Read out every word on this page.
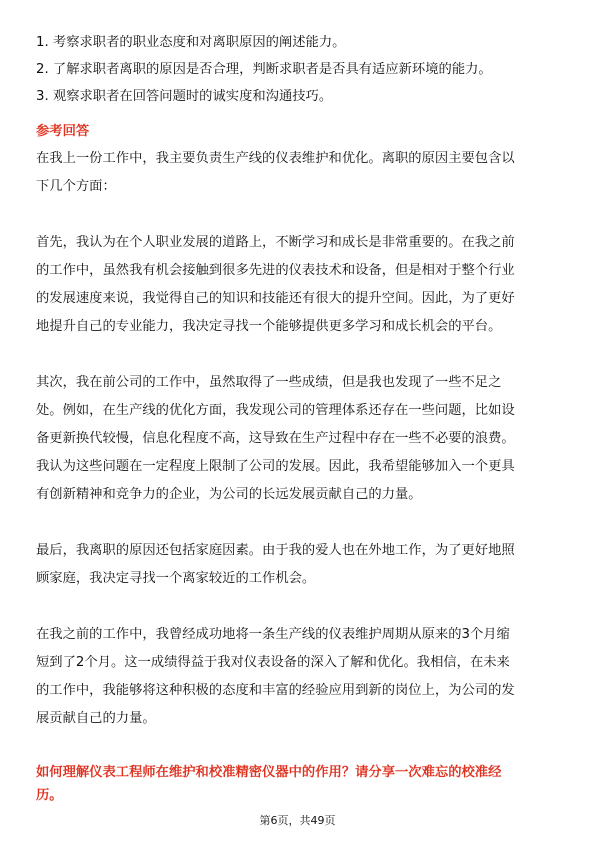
1. 考察求职者的职业态度和对离职原因的阐述能力。
2. 了解求职者离职的原因是否合理，判断求职者是否具有适应新环境的能力。
3. 观察求职者在回答问题时的诚实度和沟通技巧。
参考回答
在我上一份工作中，我主要负责生产线的仪表维护和优化。离职的原因主要包含以
下几个方面：
首先，我认为在个人职业发展的道路上，不断学习和成长是非常重要的。在我之前
的工作中，虽然我有机会接触到很多先进的仪表技术和设备，但是相对于整个行业
的发展速度来说，我觉得自己的知识和技能还有很大的提升空间。因此，为了更好
地提升自己的专业能力，我决定寻找一个能够提供更多学习和成长机会的平台。
其次，我在前公司的工作中，虽然取得了一些成绩，但是我也发现了一些不足之
处。例如，在生产线的优化方面，我发现公司的管理体系还存在一些问题，比如设
备更新换代较慢，信息化程度不高，这导致在生产过程中存在一些不必要的浪费。
我认为这些问题在一定程度上限制了公司的发展。因此，我希望能够加入一个更具
有创新精神和竞争力的企业，为公司的长远发展贡献自己的力量。
最后，我离职的原因还包括家庭因素。由于我的爱人也在外地工作，为了更好地照
顾家庭，我决定寻找一个离家较近的工作机会。
在我之前的工作中，我曾经成功地将一条生产线的仪表维护周期从原来的3个月缩
短到了2个月。这一成绩得益于我对仪表设备的深入了解和优化。我相信，在未来
的工作中，我能够将这种积极的态度和丰富的经验应用到新的岗位上，为公司的发
展贡献自己的力量。
如何理解仪表工程师在维护和校准精密仪器中的作用？请分享一次难忘的校准经
历。
第6页，共49页
